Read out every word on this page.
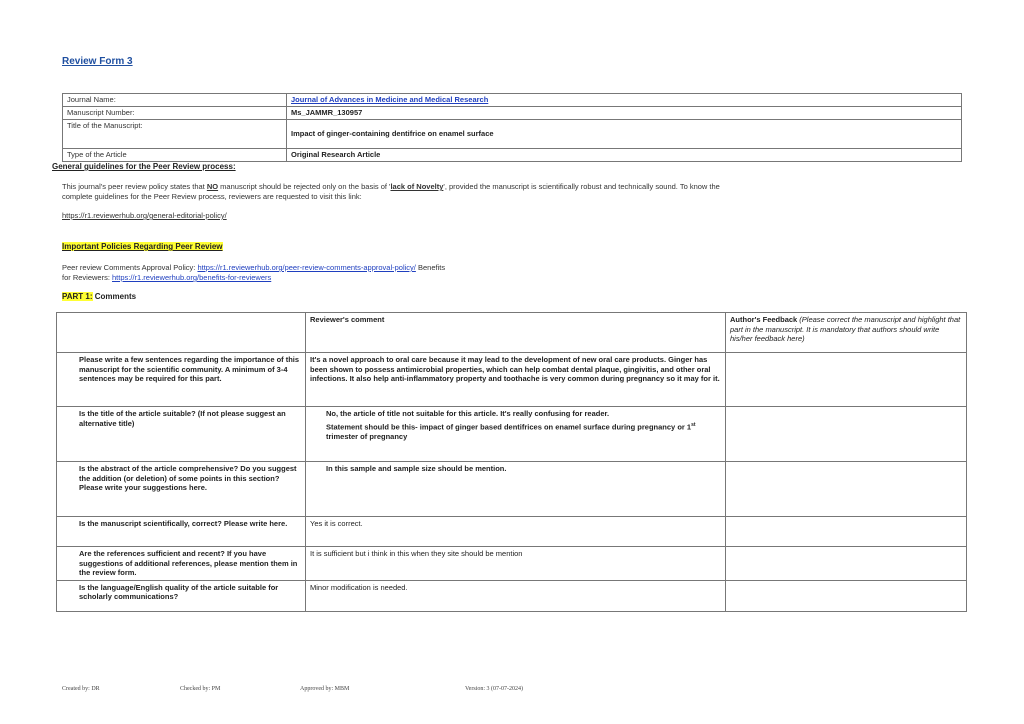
Review Form 3
Journal Name:	Journal of Advances in Medicine and Medical Research
Manuscript Number:	Ms_JAMMR_130957
Title of the Manuscript:	Impact of ginger-containing dentifrice on enamel surface
Type of the Article	Original Research Article
General guidelines for the Peer Review process:
This journal's peer review policy states that NO manuscript should be rejected only on the basis of 'lack of Novelty', provided the manuscript is scientifically robust and technically sound. To know the complete guidelines for the Peer Review process, reviewers are requested to visit this link:
https://r1.reviewerhub.org/general-editorial-policy/
Important Policies Regarding Peer Review
Peer review Comments Approval Policy: https://r1.reviewerhub.org/peer-review-comments-approval-policy/ Benefits for Reviewers: https://r1.reviewerhub.org/benefits-for-reviewers
PART 1: Comments
	Reviewer's comment	Author's Feedback (Please correct the manuscript and highlight that part in the manuscript. It is mandatory that authors should write his/her feedback here)
Please write a few sentences regarding the importance of this manuscript for the scientific community. A minimum of 3-4 sentences may be required for this part.	It's a novel approach to oral care because it may lead to the development of new oral care products. Ginger has been shown to possess antimicrobial properties, which can help combat dental plaque, gingivitis, and other oral infections. It also help anti-inflammatory property and toothache is very common during pregnancy so it may for it.	
Is the title of the article suitable? (If not please suggest an alternative title)	No, the article of title not suitable for this article. It's really confusing for reader.
Statement should be this- impact of ginger based dentifrices on enamel surface during pregnancy or 1st trimester of pregnancy	

Is the abstract of the article comprehensive? Do you suggest the addition (or deletion) of some points in this section? Please write your suggestions here.	In this sample and sample size should be mention.	
Is the manuscript scientifically, correct? Please write here.	Yes it is correct.	
Are the references sufficient and recent? If you have suggestions of additional references, please mention them in the review form.	It is sufficient but i think in this when they site should be mention	
Is the language/English quality of the article suitable for scholarly communications?	Minor modification is needed.	
Created by: DR	Checked by: PM	Approved by: MBM	Version: 3 (07-07-2024)
